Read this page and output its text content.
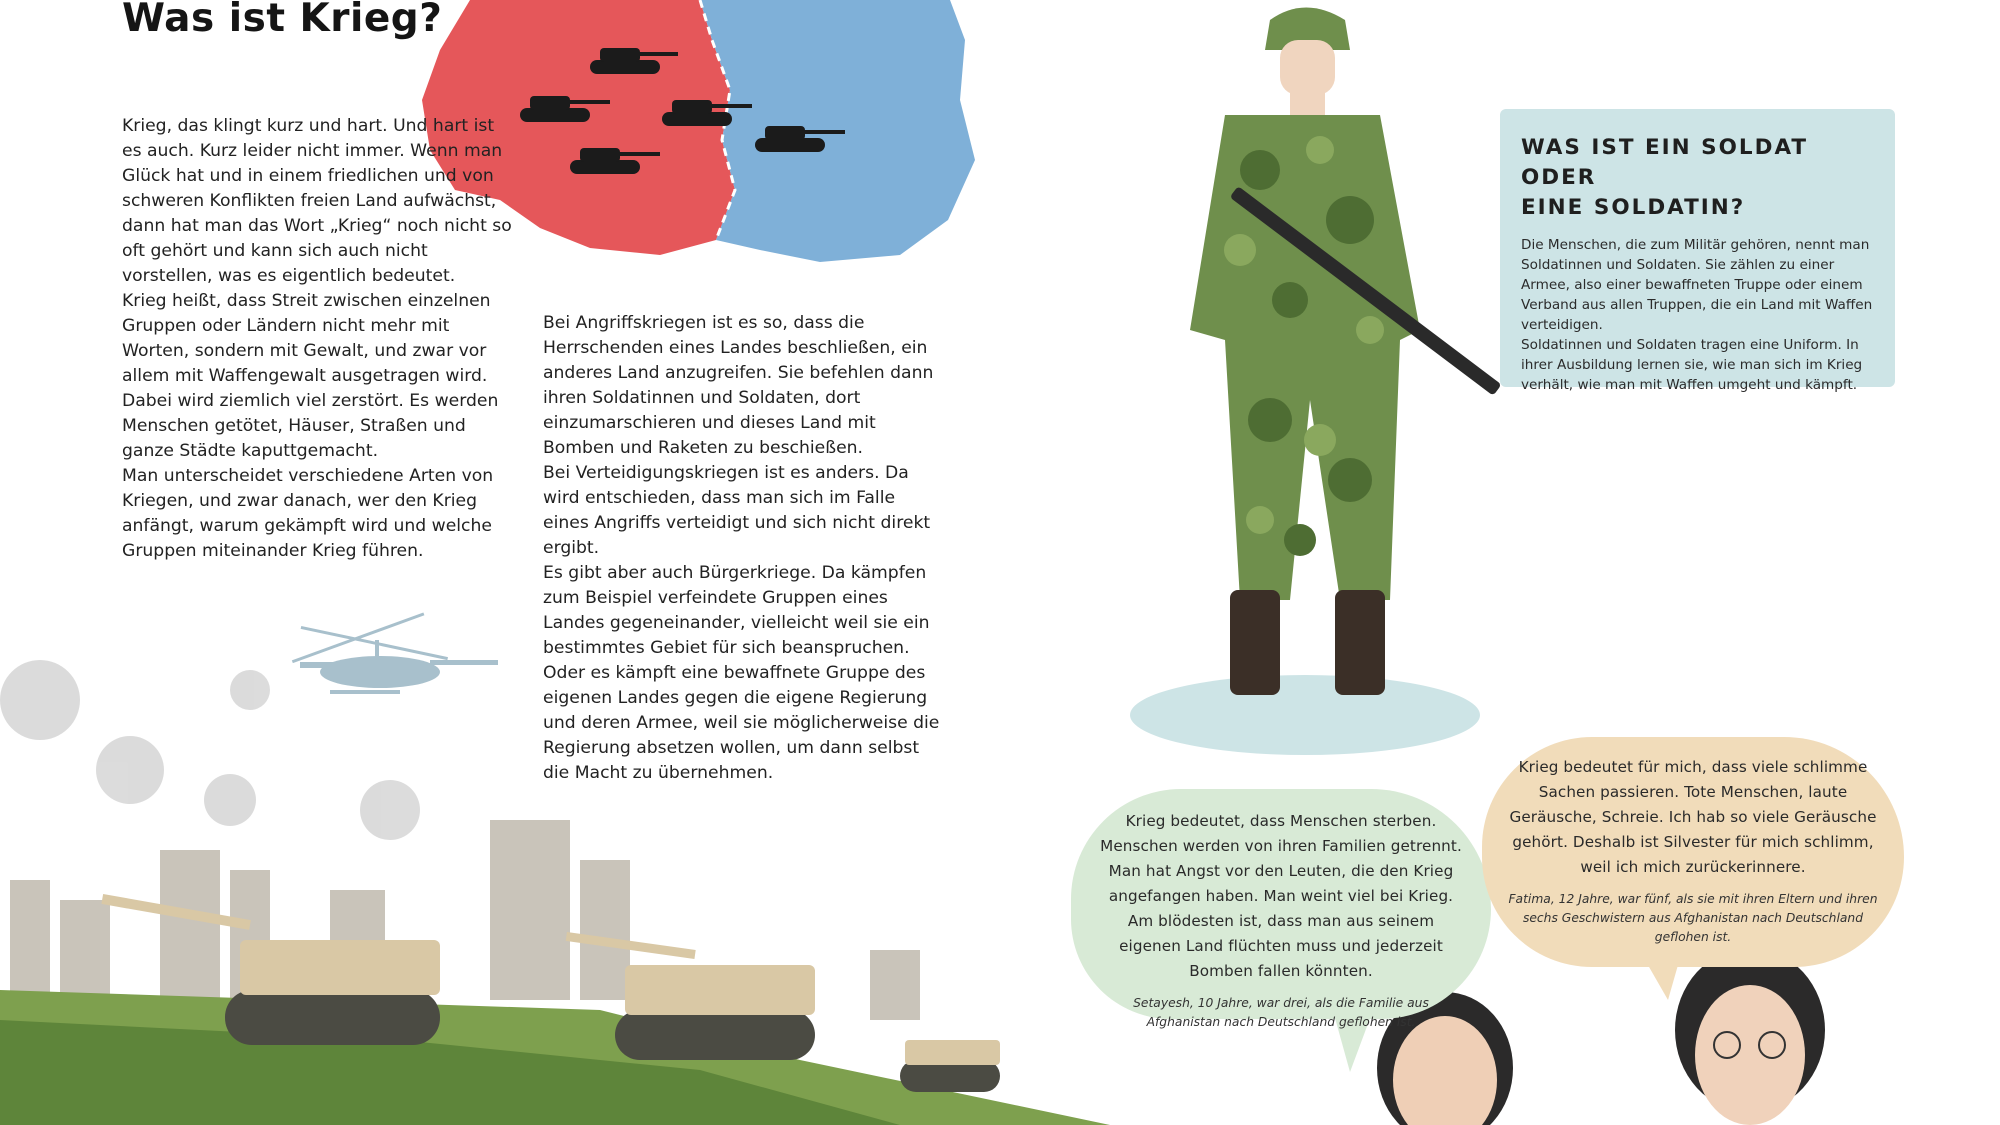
Was ist Krieg?

Krieg, das klingt kurz und hart. Und hart ist es auch. Kurz leider nicht immer. Wenn man Glück hat und in einem friedlichen und von schweren Konflikten freien Land aufwächst, dann hat man das Wort „Krieg“ noch nicht so oft gehört und kann sich auch nicht vorstellen, was es eigentlich bedeutet.

Krieg heißt, dass Streit zwischen einzelnen Gruppen oder Ländern nicht mehr mit Worten, sondern mit Gewalt, und zwar vor allem mit Waffengewalt ausgetragen wird. Dabei wird ziemlich viel zerstört. Es werden Menschen getötet, Häuser, Straßen und ganze Städte kaputtgemacht.

Man unterscheidet verschiedene Arten von Kriegen, und zwar danach, wer den Krieg anfängt, warum gekämpft wird und welche Gruppen miteinander Krieg führen.

Bei Angriffskriegen ist es so, dass die Herrschenden eines Landes beschließen, ein anderes Land anzugreifen. Sie befehlen dann ihren Soldatinnen und Soldaten, dort einzumarschieren und dieses Land mit Bomben und Raketen zu beschießen.

Bei Verteidigungskriegen ist es anders. Da wird entschieden, dass man sich im Falle eines Angriffs verteidigt und sich nicht direkt ergibt.

Es gibt aber auch Bürgerkriege. Da kämpfen zum Beispiel verfeindete Gruppen eines Landes gegeneinander, vielleicht weil sie ein bestimmtes Gebiet für sich beanspruchen. Oder es kämpft eine bewaffnete Gruppe des eigenen Landes gegen die eigene Regierung und deren Armee, weil sie möglicherweise die Regierung absetzen wollen, um dann selbst die Macht zu übernehmen.

WAS IST EIN SOLDAT ODER
EINE SOLDATIN?

Die Menschen, die zum Militär gehören, nennt man Soldatinnen und Soldaten. Sie zählen zu einer Armee, also einer bewaffneten Truppe oder einem Verband aus allen Truppen, die ein Land mit Waffen verteidigen.

Soldatinnen und Soldaten tragen eine Uniform. In ihrer Ausbildung lernen sie, wie man sich im Krieg verhält, wie man mit Waffen umgeht und kämpft.

Krieg bedeutet, dass Menschen sterben. Menschen werden von ihren Familien getrennt. Man hat Angst vor den Leuten, die den Krieg angefangen haben. Man weint viel bei Krieg. Am blödesten ist, dass man aus seinem eigenen Land flüchten muss und jederzeit Bomben fallen könnten.
Setayesh, 10 Jahre, war drei, als die Familie aus Afghanistan nach Deutschland geflohen ist.
Krieg bedeutet für mich, dass viele schlimme Sachen passieren. Tote Menschen, laute Geräusche, Schreie. Ich hab so viele Geräusche gehört. Deshalb ist Silvester für mich schlimm, weil ich mich zurückerinnere.
Fatima, 12 Jahre, war fünf, als sie mit ihren Eltern und ihren sechs Geschwistern aus Afghanistan nach Deutschland geflohen ist.
